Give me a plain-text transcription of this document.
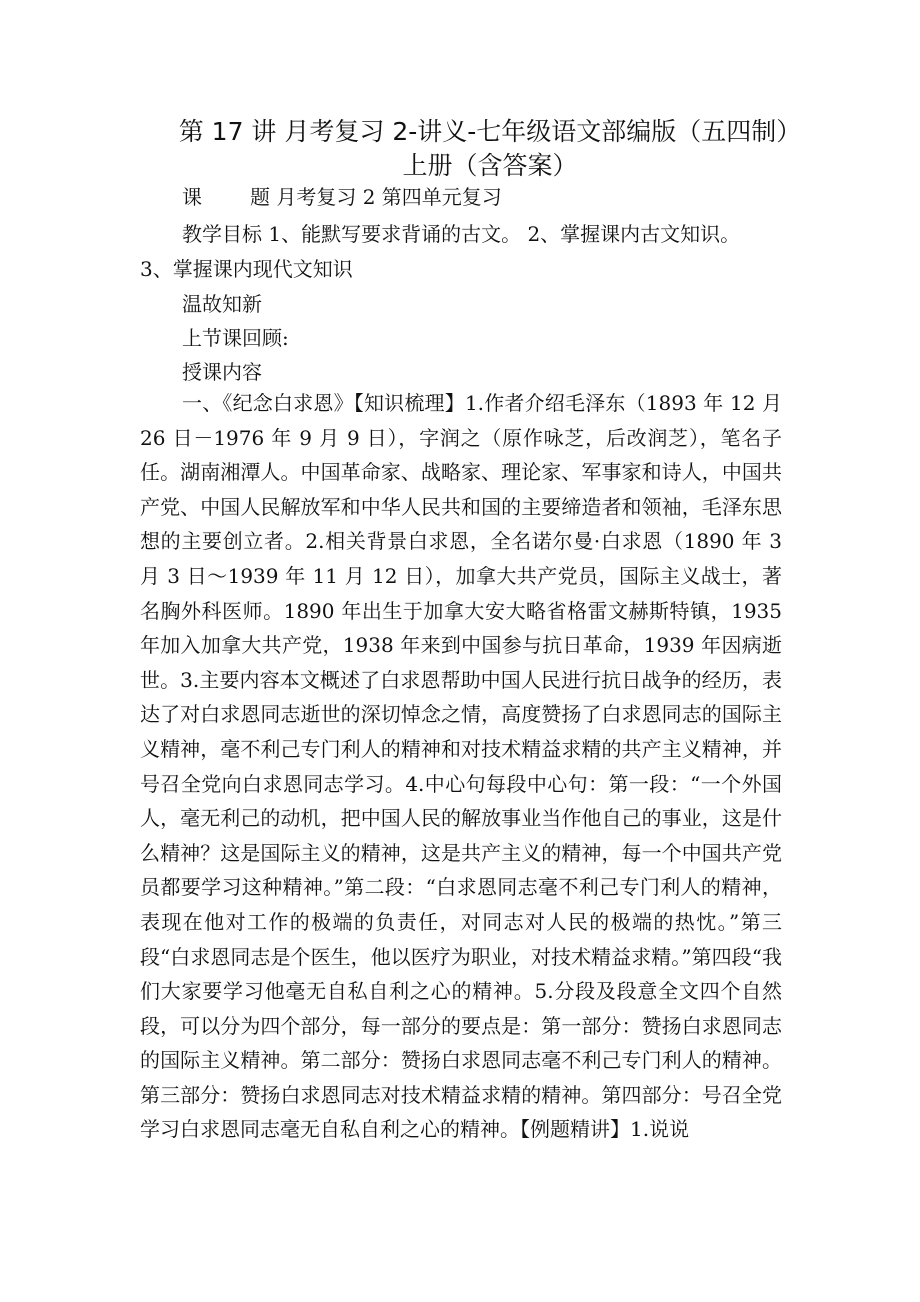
第 17 讲 月考复习 2-讲义-七年级语文部编版（五四制）
上册（含答案）
课 题 月考复习 2 第四单元复习
教学目标 1、能默写要求背诵的古文。 2、掌握课内古文知识。
3、掌握课内现代文知识
温故知新
上节课回顾:
授课内容
一、《纪念白求恩》【知识梳理】1.作者介绍毛泽东（1893 年 12 月 26 日－1976 年 9 月 9 日），字润之（原作咏芝，后改润芝），笔名子任。湖南湘潭人。中国革命家、战略家、理论家、军事家和诗人，中国共产党、中国人民解放军和中华人民共和国的主要缔造者和领袖，毛泽东思想的主要创立者。2.相关背景白求恩，全名诺尔曼·白求恩（1890 年 3 月 3 日～1939 年 11 月 12 日），加拿大共产党员，国际主义战士，著名胸外科医师。1890 年出生于加拿大安大略省格雷文赫斯特镇，1935 年加入加拿大共产党，1938 年来到中国参与抗日革命，1939 年因病逝世。3.主要内容本文概述了白求恩帮助中国人民进行抗日战争的经历，表达了对白求恩同志逝世的深切悼念之情，高度赞扬了白求恩同志的国际主义精神，毫不利己专门利人的精神和对技术精益求精的共产主义精神，并号召全党向白求恩同志学习。4.中心句每段中心句：第一段：“一个外国人，毫无利己的动机，把中国人民的解放事业当作他自己的事业，这是什么精神？这是国际主义的精神，这是共产主义的精神，每一个中国共产党员都要学习这种精神。”第二段：“白求恩同志毫不利己专门利人的精神，表现在他对工作的极端的负责任，对同志对人民的极端的热忱。”第三段“白求恩同志是个医生，他以医疗为职业，对技术精益求精。”第四段“我们大家要学习他毫无自私自利之心的精神。5.分段及段意全文四个自然段，可以分为四个部分，每一部分的要点是：第一部分：赞扬白求恩同志的国际主义精神。第二部分：赞扬白求恩同志毫不利己专门利人的精神。第三部分：赞扬白求恩同志对技术精益求精的精神。第四部分：号召全党学习白求恩同志毫无自私自利之心的精神。【例题精讲】1.说说
